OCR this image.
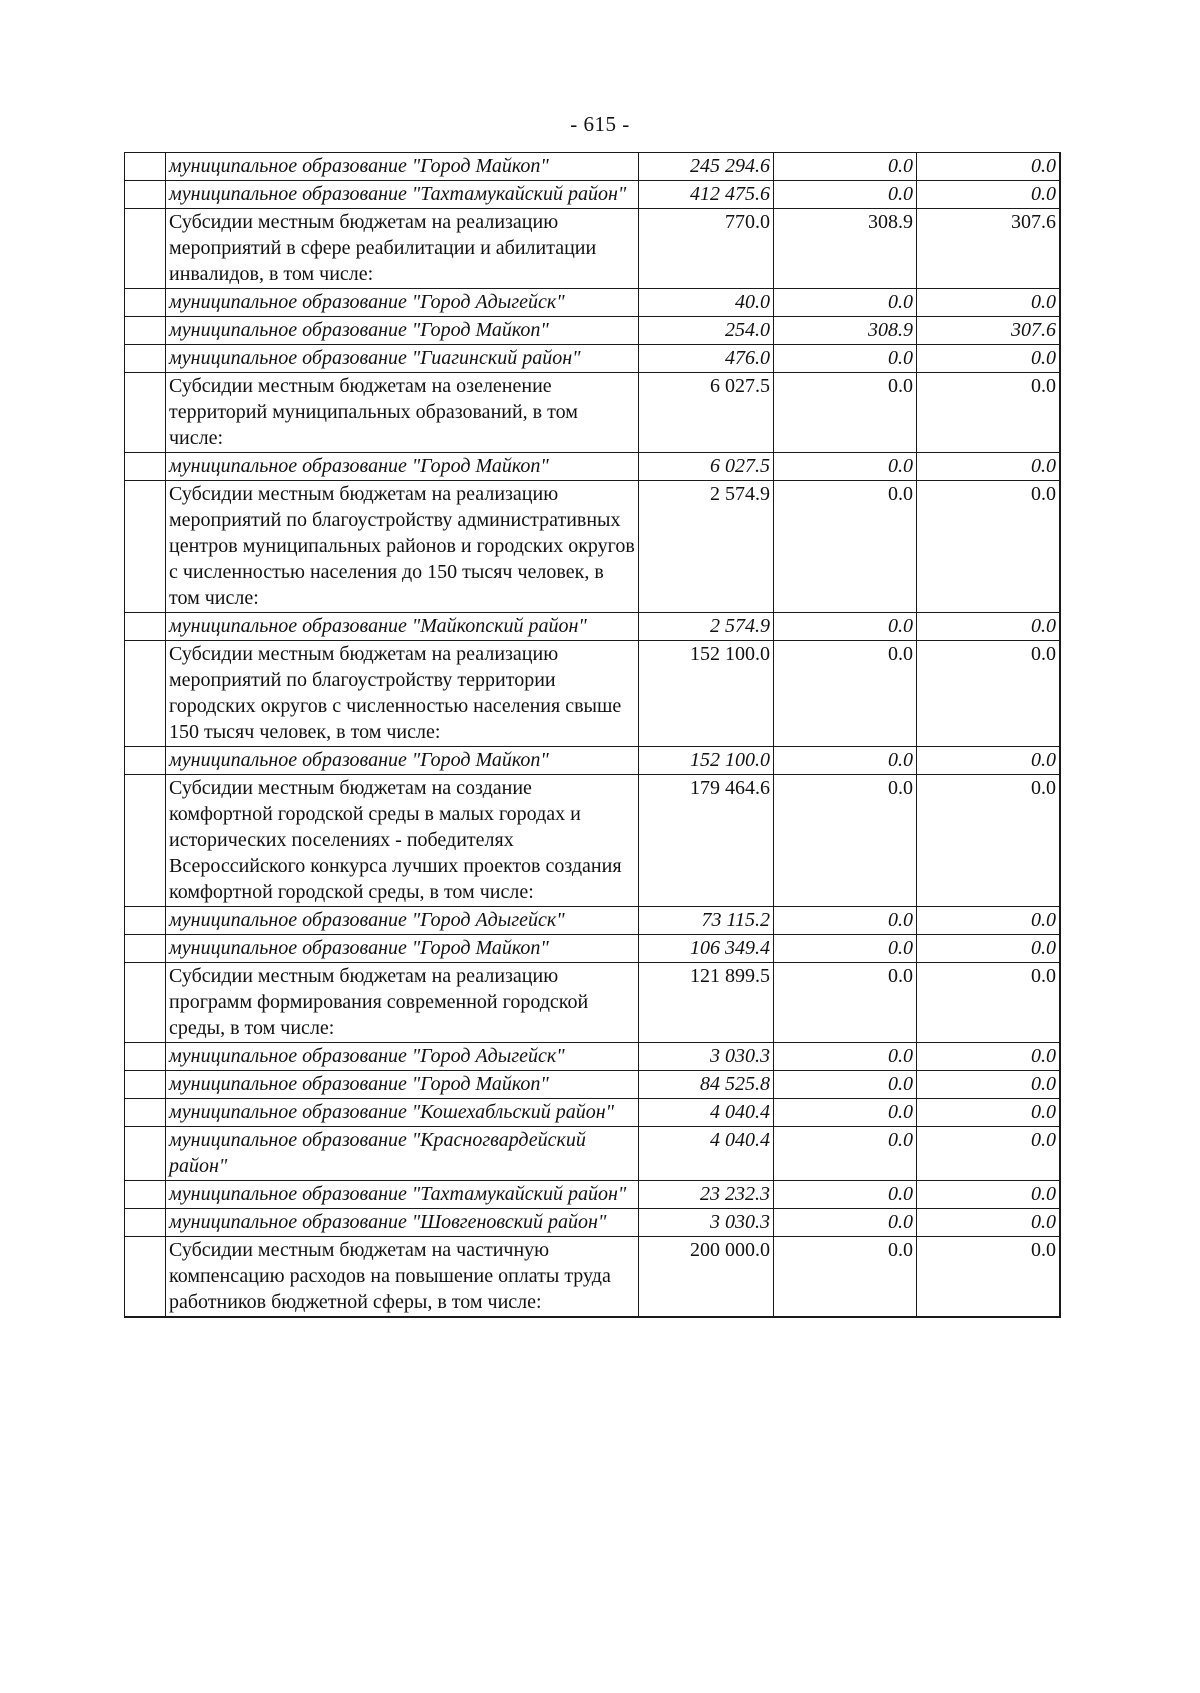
- 615 -
	муниципальное образование "Город Майкоп"	245 294.6	0.0	0.0
	муниципальное образование "Тахтамукайский район"	412 475.6	0.0	0.0
	Субсидии местным бюджетам на реализацию мероприятий в сфере реабилитации и абилитации инвалидов, в том числе:	770.0	308.9	307.6
	муниципальное образование "Город Адыгейск"	40.0	0.0	0.0
	муниципальное образование "Город Майкоп"	254.0	308.9	307.6
	муниципальное образование "Гиагинский район"	476.0	0.0	0.0
	Субсидии местным бюджетам на озеленение территорий муниципальных образований, в том числе:	6 027.5	0.0	0.0
	муниципальное образование "Город Майкоп"	6 027.5	0.0	0.0
	Субсидии местным бюджетам на реализацию мероприятий по благоустройству административных центров муниципальных районов и городских округов с численностью населения до 150 тысяч человек, в том числе:	2 574.9	0.0	0.0
	муниципальное образование "Майкопский район"	2 574.9	0.0	0.0
	Субсидии местным бюджетам на реализацию мероприятий по благоустройству территории городских округов с численностью населения свыше 150 тысяч человек, в том числе:	152 100.0	0.0	0.0
	муниципальное образование "Город Майкоп"	152 100.0	0.0	0.0
	Субсидии местным бюджетам на создание комфортной городской среды в малых городах и исторических поселениях - победителях Всероссийского конкурса лучших проектов создания комфортной городской среды, в том числе:	179 464.6	0.0	0.0
	муниципальное образование "Город Адыгейск"	73 115.2	0.0	0.0
	муниципальное образование "Город Майкоп"	106 349.4	0.0	0.0
	Субсидии местным бюджетам на реализацию программ формирования современной городской среды, в том числе:	121 899.5	0.0	0.0
	муниципальное образование "Город Адыгейск"	3 030.3	0.0	0.0
	муниципальное образование "Город Майкоп"	84 525.8	0.0	0.0
	муниципальное образование "Кошехабльский район"	4 040.4	0.0	0.0
	муниципальное образование "Красногвардейский район"	4 040.4	0.0	0.0
	муниципальное образование "Тахтамукайский район"	23 232.3	0.0	0.0
	муниципальное образование "Шовгеновский район"	3 030.3	0.0	0.0
	Субсидии местным бюджетам на частичную компенсацию расходов на повышение оплаты труда работников бюджетной сферы, в том числе:	200 000.0	0.0	0.0
